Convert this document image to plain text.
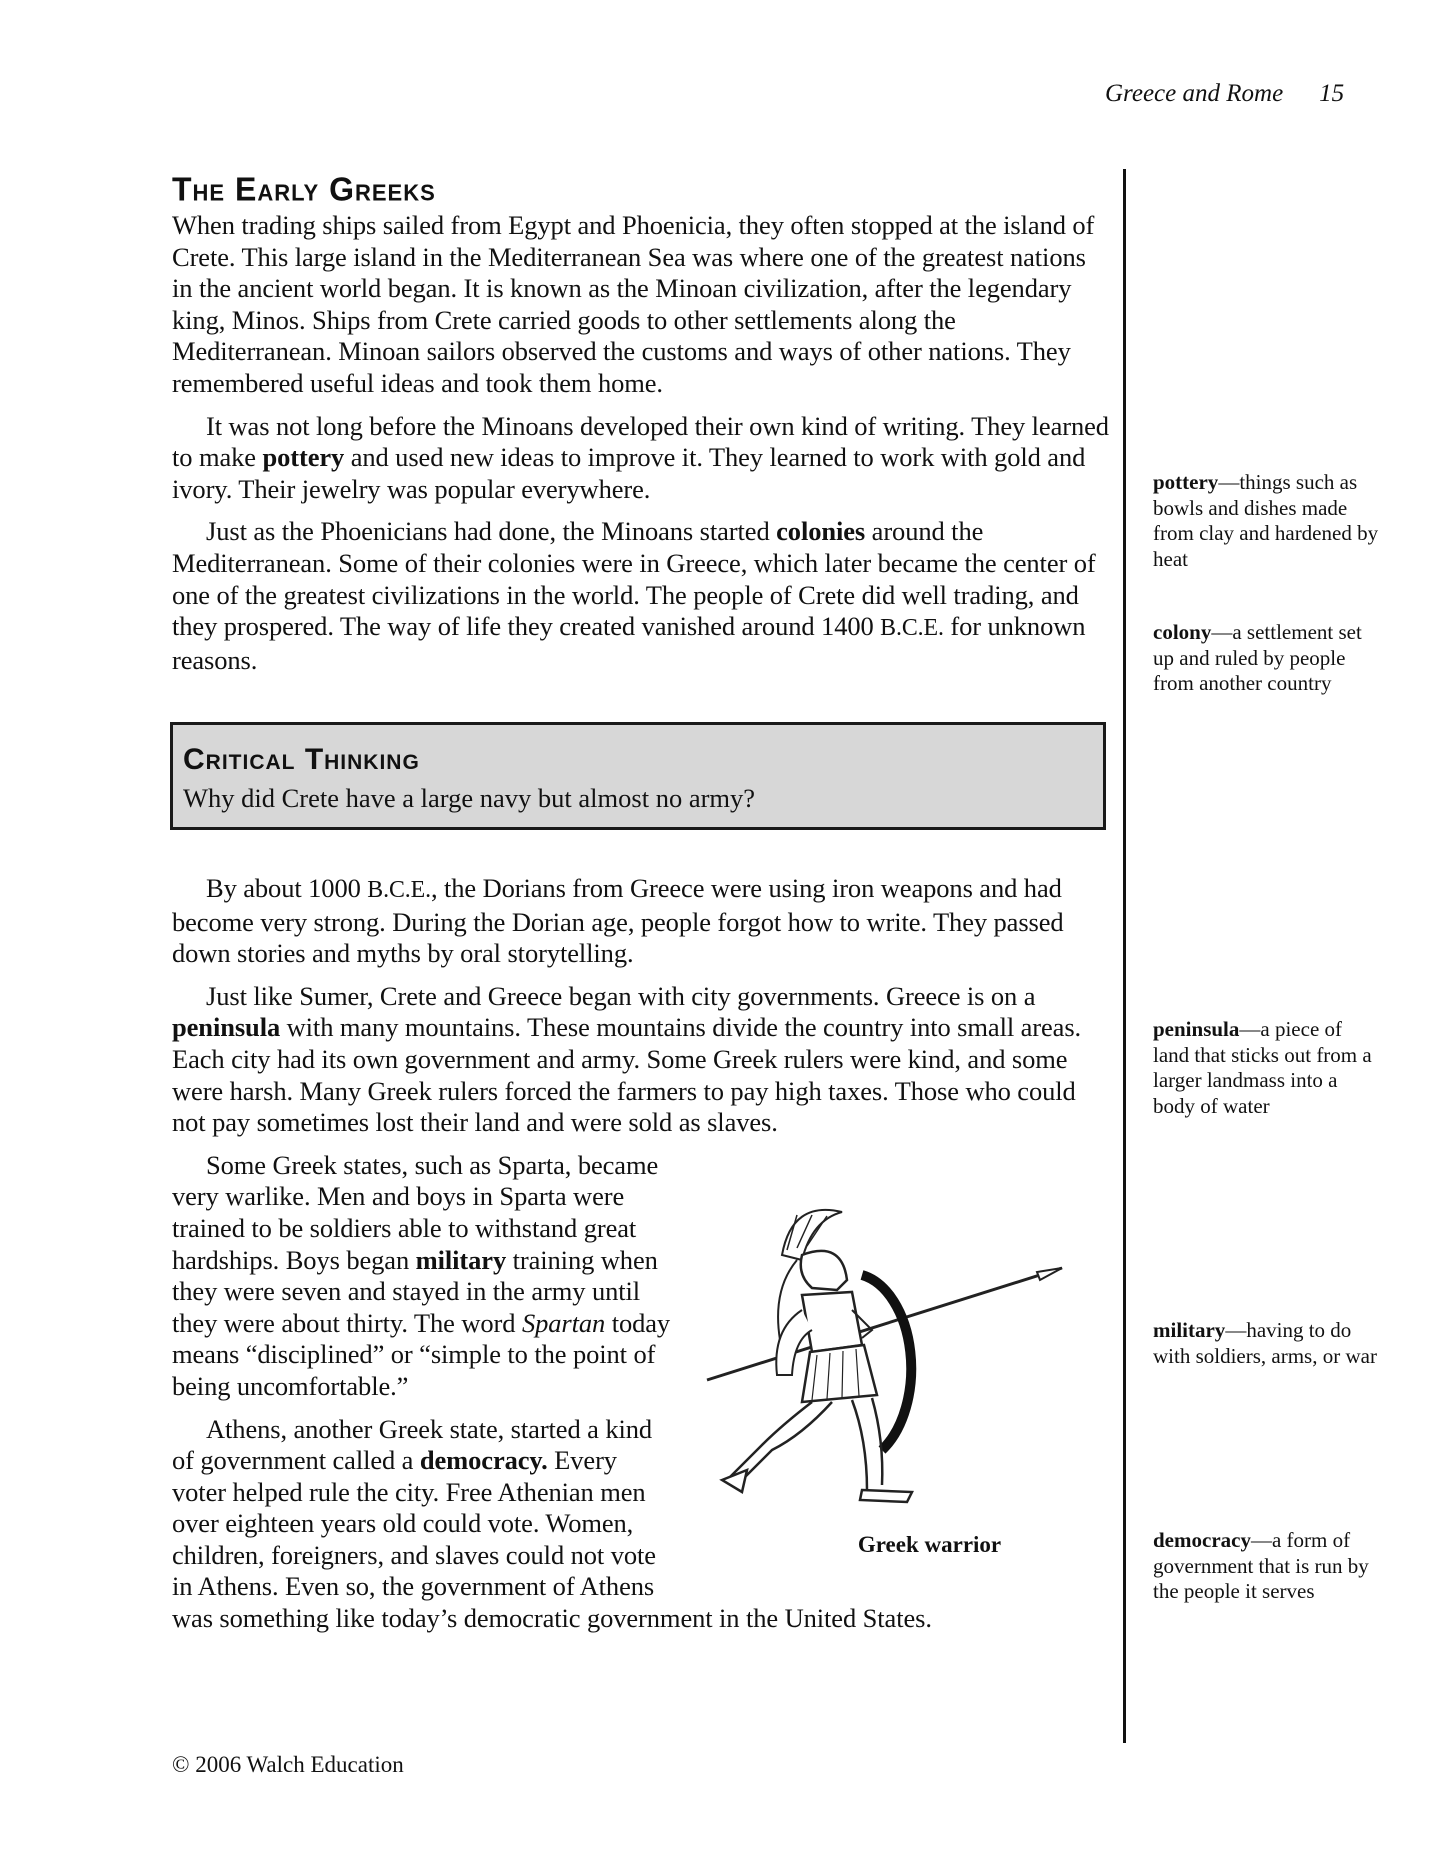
Greece and Rome 15
The Early Greeks

When trading ships sailed from Egypt and Phoenicia, they often stopped at the island of Crete. This large island in the Mediterranean Sea was where one of the greatest nations in the ancient world began. It is known as the Minoan civilization, after the legendary king, Minos. Ships from Crete carried goods to other settlements along the Mediterranean. Minoan sailors observed the customs and ways of other nations. They remembered useful ideas and took them home.

It was not long before the Minoans developed their own kind of writing. They learned to make pottery and used new ideas to improve it. They learned to work with gold and ivory. Their jewelry was popular everywhere.

Just as the Phoenicians had done, the Minoans started colonies around the Mediterranean. Some of their colonies were in Greece, which later became the center of one of the greatest civilizations in the world. The people of Crete did well trading, and they prospered. The way of life they created vanished around 1400 B.C.E. for unknown reasons.

Critical Thinking
Why did Crete have a large navy but almost no army?

By about 1000 B.C.E., the Dorians from Greece were using iron weapons and had become very strong. During the Dorian age, people forgot how to write. They passed down stories and myths by oral storytelling.

Just like Sumer, Crete and Greece began with city governments. Greece is on a peninsula with many mountains. These mountains divide the country into small areas. Each city had its own government and army. Some Greek rulers were kind, and some were harsh. Many Greek rulers forced the farmers to pay high taxes. Those who could not pay sometimes lost their land and were sold as slaves.

Greek warrior

Some Greek states, such as Sparta, became very warlike. Men and boys in Sparta were trained to be soldiers able to withstand great hardships. Boys began military training when they were seven and stayed in the army until they were about thirty. The word Spartan today means “disciplined” or “simple to the point of being uncomfortable.”

Athens, another Greek state, started a kind of government called a democracy. Every voter helped rule the city. Free Athenian men over eighteen years old could vote. Women, children, foreigners, and slaves could not vote in Athens. Even so, the government of Athens was something like today’s democratic government in the United States.

pottery—things such as bowls and dishes made from clay and hardened by heat
colony—a settlement set up and ruled by people from another country
peninsula—a piece of land that sticks out from a larger landmass into a body of water
military—having to do with soldiers, arms, or war
democracy—a form of government that is run by the people it serves
© 2006 Walch Education
